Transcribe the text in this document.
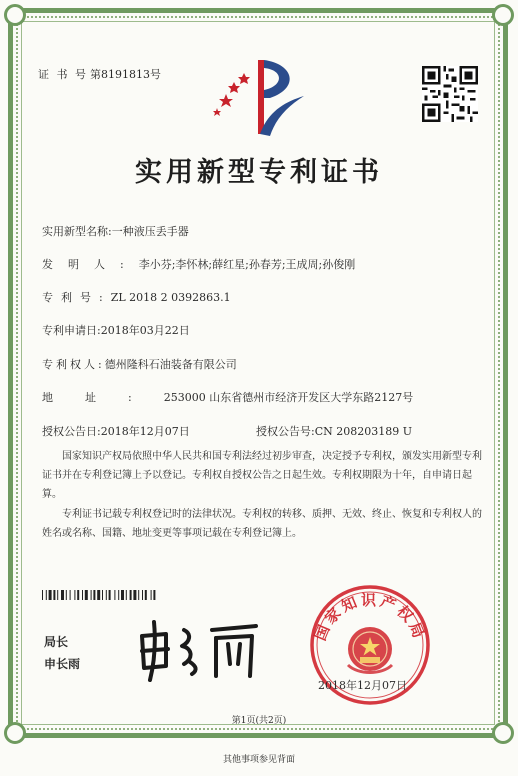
证 书 号 第8191813号
实用新型专利证书
实用新型名称:一种液压丢手器
发明人:李小芬;李怀林;薛红星;孙春芳;王成周;孙俊刚
专利号:ZL 2018 2 0392863.1
专利申请日:2018年03月22日
专利权人:德州隆科石油装备有限公司
地址:253000 山东省德州市经济开发区大学东路2127号
授权公告日:2018年12月07日	授权公告号:CN 208203189 U
国家知识产权局依照中华人民共和国专利法经过初步审查，决定授予专利权，颁发实用新型专利证书并在专利登记簿上予以登记。专利权自授权公告之日起生效。专利权期限为十年，自申请日起算。
专利证书记载专利权登记时的法律状况。专利权的转移、质押、无效、终止、恢复和专利权人的姓名或名称、国籍、地址变更等事项记载在专利登记簿上。
局长
申长雨
国家知识产权局
2018年12月07日
第1页(共2页)
其他事项参见背面
